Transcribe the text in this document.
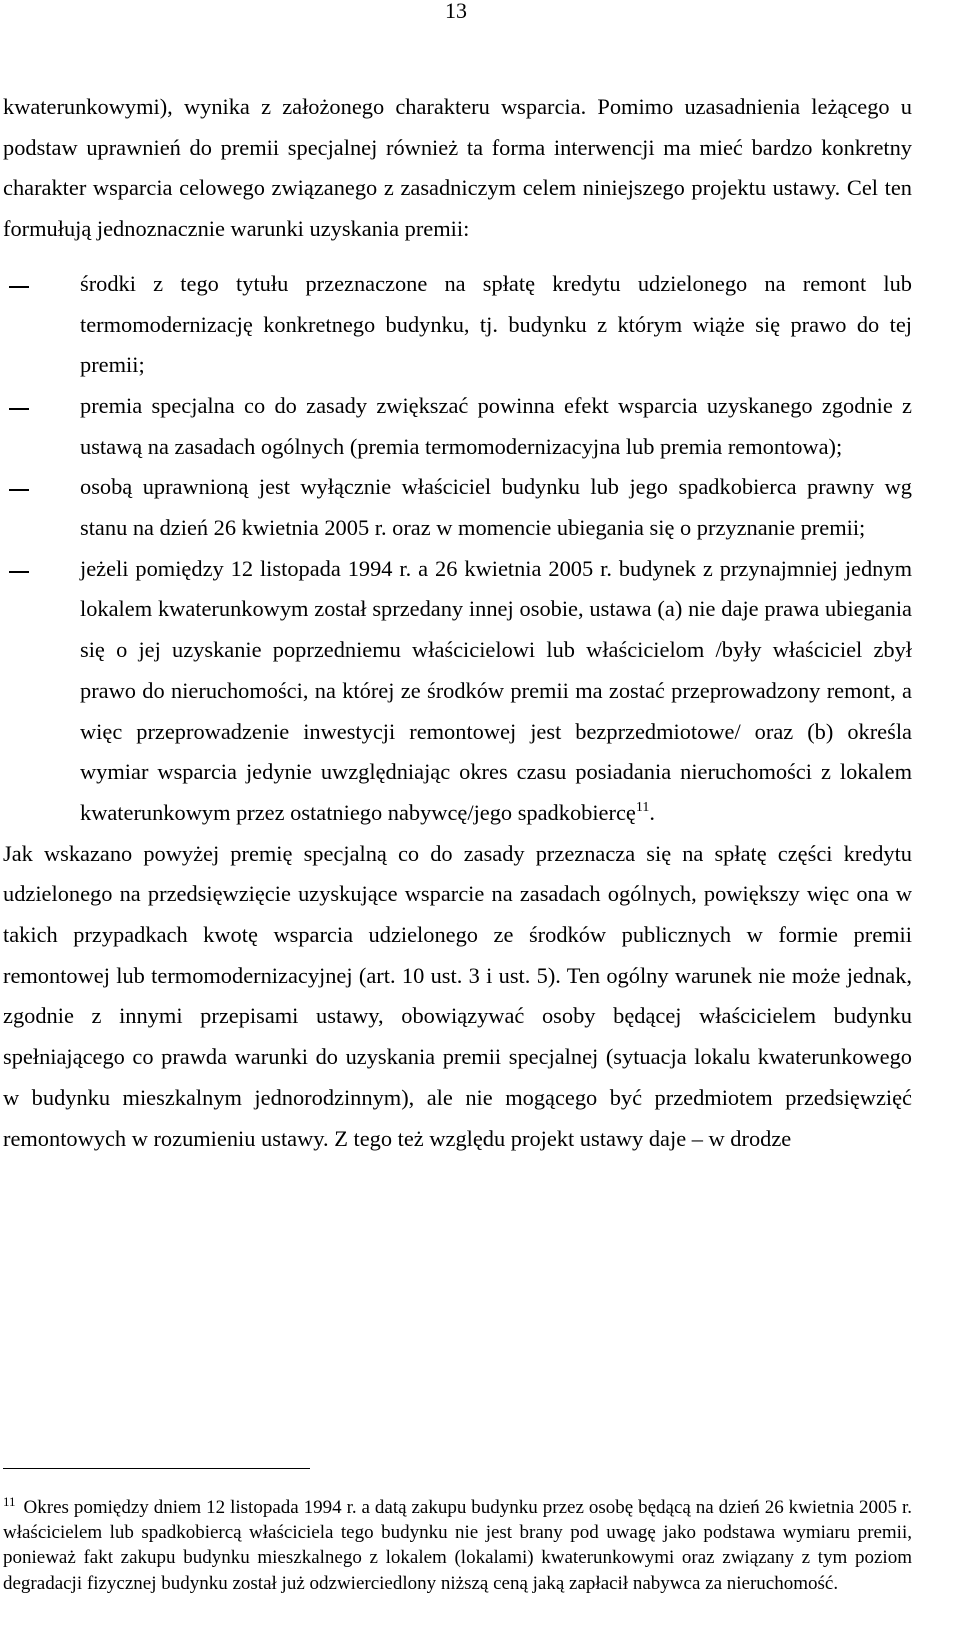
13

kwaterunkowymi), wynika z założonego charakteru wsparcia. Pomimo uzasadnienia leżącego u podstaw uprawnień do premii specjalnej również ta forma interwencji ma mieć bardzo konkretny charakter wsparcia celowego związanego z zasadniczym celem niniejszego projektu ustawy. Cel ten formułują jednoznacznie warunki uzyskania premii:

środki z tego tytułu przeznaczone na spłatę kredytu udzielonego na remont lub termomodernizację konkretnego budynku, tj. budynku z którym wiąże się prawo do tej premii;
premia specjalna co do zasady zwiększać powinna efekt wsparcia uzyskanego zgodnie z ustawą na zasadach ogólnych (premia termomodernizacyjna lub premia remontowa);
osobą uprawnioną jest wyłącznie właściciel budynku lub jego spadkobierca prawny wg stanu na dzień 26 kwietnia 2005 r. oraz w momencie ubiegania się o przyznanie premii;
jeżeli pomiędzy 12 listopada 1994 r. a 26 kwietnia 2005 r. budynek z przynajmniej jednym lokalem kwaterunkowym został sprzedany innej osobie, ustawa (a) nie daje prawa ubiegania się o jej uzyskanie poprzedniemu właścicielowi lub właścicielom /były właściciel zbył prawo do nieruchomości, na której ze środków premii ma zostać przeprowadzony remont, a więc przeprowadzenie inwestycji remontowej jest bezprzedmiotowe/ oraz (b) określa wymiar wsparcia jedynie uwzględniając okres czasu posiadania nieruchomości z lokalem kwaterunkowym przez ostatniego nabywcę/jego spadkobiercę$^{11}$.

Jak wskazano powyżej premię specjalną co do zasady przeznacza się na spłatę części kredytu udzielonego na przedsięwzięcie uzyskujące wsparcie na zasadach ogólnych, powiększy więc ona w takich przypadkach kwotę wsparcia udzielonego ze środków publicznych w formie premii remontowej lub termomodernizacyjnej (art. 10 ust. 3 i ust. 5). Ten ogólny warunek nie może jednak, zgodnie z innymi przepisami ustawy, obowiązywać osoby będącej właścicielem budynku spełniającego co prawda warunki do uzyskania premii specjalnej (sytuacja lokalu kwaterunkowego w budynku mieszkalnym jednorodzinnym), ale nie mogącego być przedmiotem przedsięwzięć remontowych w rozumieniu ustawy. Z tego też względu projekt ustawy daje – w drodze

$^{11}$ Okres pomiędzy dniem 12 listopada 1994 r. a datą zakupu budynku przez osobę będącą na dzień 26 kwietnia 2005 r. właścicielem lub spadkobiercą właściciela tego budynku nie jest brany pod uwagę jako podstawa wymiaru premii, ponieważ fakt zakupu budynku mieszkalnego z lokalem (lokalami) kwaterunkowymi oraz związany z tym poziom degradacji fizycznej budynku został już odzwierciedlony niższą ceną jaką zapłacił nabywca za nieruchomość.
